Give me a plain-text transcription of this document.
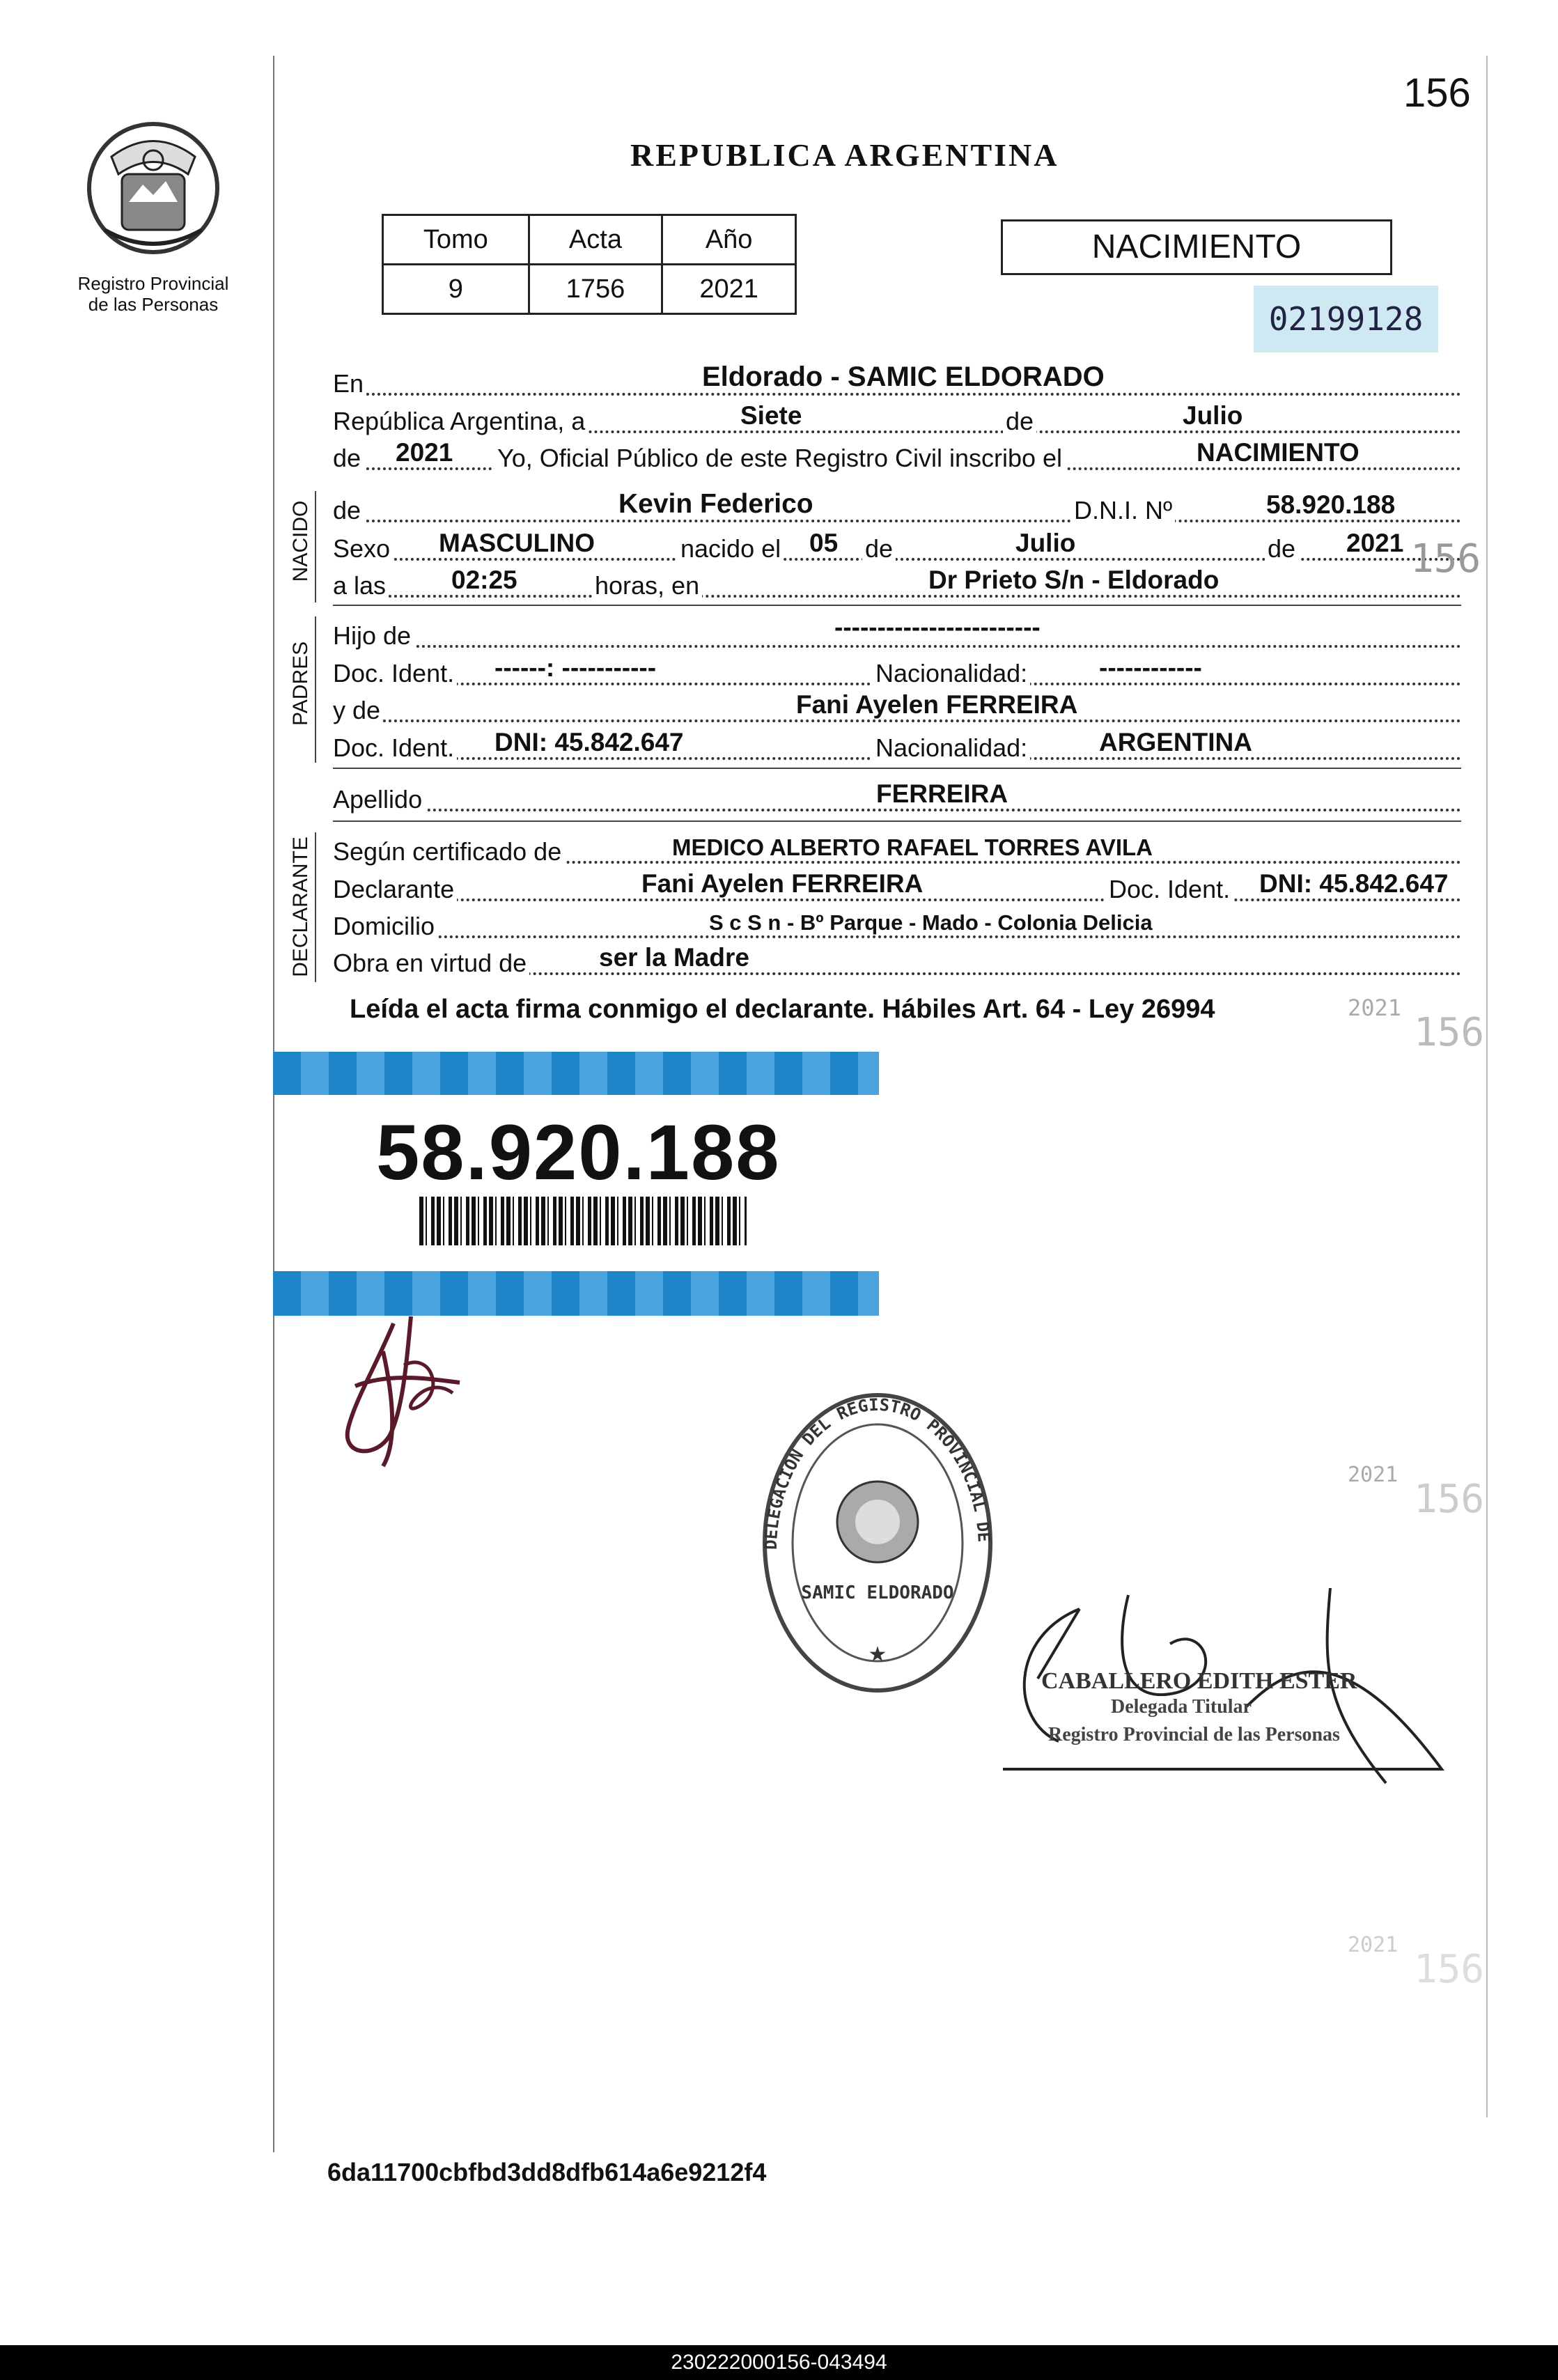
Registro Provincial de las Personas
156
REPUBLICA ARGENTINA
Tomo	Acta	Año
9	1756	2021
NACIMIENTO
02199128
En	Eldorado - SAMIC ELDORADO
República Argentina, a	Siete	de	Julio
de 2021 Yo, Oficial Público de este Registro Civil inscribo el	NACIMIENTO
NACIDO de	Kevin Federico	D.N.I. Nº	58.920.188
Sexo MASCULINO	nacido el 05 de	Julio	de 2021
a las	02:25	horas, en	Dr Prieto S/n - Eldorado
PADRES
Hijo de	------------------------
Doc. Ident. ------: -----------	Nacionalidad:	------------
y de	Fani Ayelen FERREIRA
Doc. Ident. DNI: 45.842.647	Nacionalidad:	ARGENTINA
Apellido	FERREIRA
DECLARANTE Según certificado de	MEDICO ALBERTO RAFAEL TORRES AVILA
Declarante	Fani Ayelen FERREIRA	Doc. Ident. DNI: 45.842.647
Domicilio	S c S n - Bº Parque - Mado - Colonia Delicia
Obra en virtud de	ser la Madre
Leída el acta firma conmigo el declarante. Hábiles Art. 64 - Ley 26994	2021
156
156
58.920.188
DELEGACION DEL REGISTRO PROVINCIAL DE
SAMIC ELDORADO
★
CABALLERO EDITH ESTER
Delegada Titular
Registro Provincial de las Personas
2021
156
2021
156
6da11700cbfbd3dd8dfb614a6e9212f4
230222000156-043494
